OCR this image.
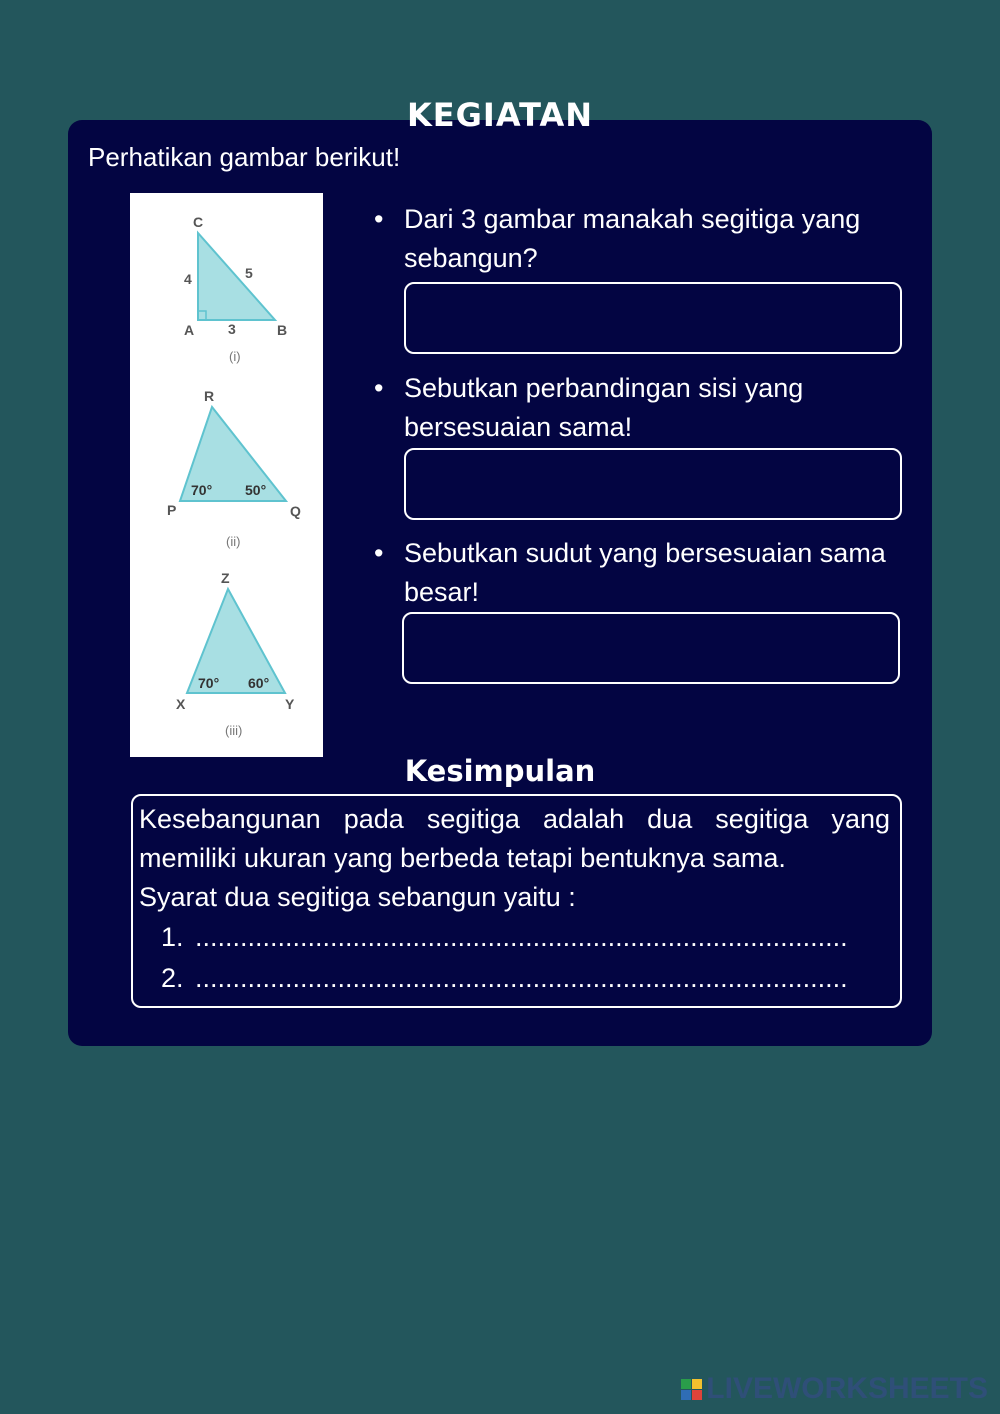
KEGIATAN
Perhatikan gambar berikut!
C
4	5
A 3	B
(i)
R
70° 50°
P	Q
(ii)
Z
70° 60°
X	Y
(iii)
• Dari 3 gambar manakah segitiga yang sebangun?
• Sebutkan perbandingan sisi yang bersesuaian sama!
• Sebutkan sudut yang bersesuaian sama besar!
Kesimpulan

Kesebangunan pada segitiga adalah dua segitiga yang memiliki ukuran yang berbeda tetapi bentuknya sama.

Syarat dua segitiga sebangun yaitu :

1. .......................................................................................

2. .......................................................................................

LIVEWORKSHEETS
